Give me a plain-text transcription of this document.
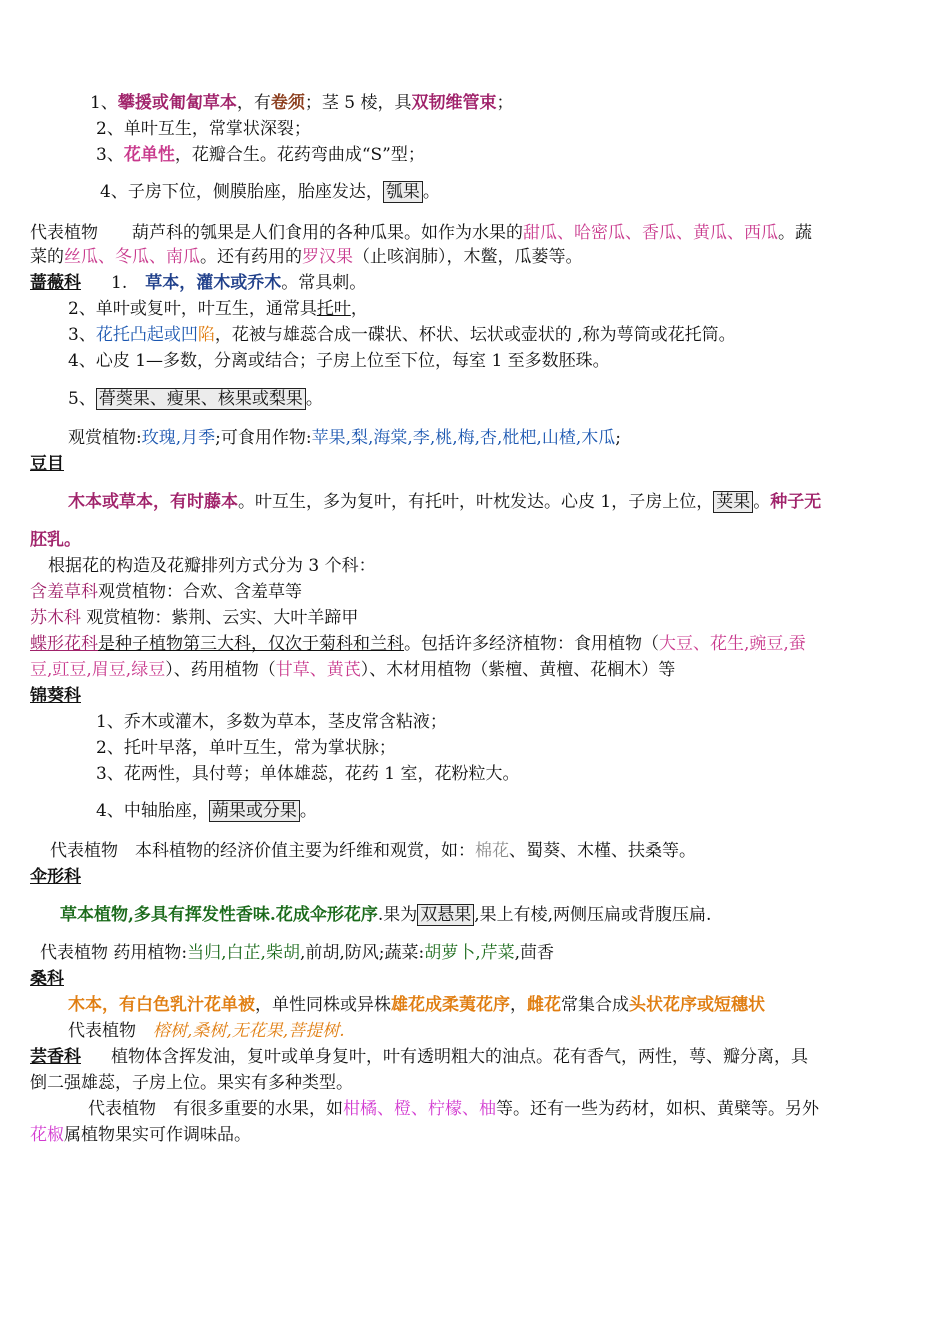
1、攀援或匍匐草本，有卷须；茎 5 棱，具双韧维管束；
2、单叶互生，常掌状深裂；
3、花单性，花瓣合生。花药弯曲成“S”型；
4、子房下位，侧膜胎座，胎座发达， 瓠果 。
代表植物　　葫芦科的瓠果是人们食用的各种瓜果。如作为水果的甜瓜、哈密瓜、香瓜、黄瓜、西瓜。蔬
菜的丝瓜、冬瓜、南瓜。还有药用的罗汉果（止咳润肺），木鳖，瓜蒌等。
蔷薇科 1. 草本，灌木或乔木。常具刺。
2、单叶或复叶，叶互生，通常具托叶，
3、花托凸起或凹陷，花被与雄蕊合成一碟状、杯状、坛状或壶状的 ,称为萼筒或花托筒。
4、心皮 1—多数，分离或结合；子房上位至下位，每室 1 至多数胚珠。
5、 蓇葖果、瘦果、核果或梨果 。
观赏植物:玫瑰,月季;可食用作物:苹果,梨,海棠,李,桃,梅,杏,枇杷,山楂,木瓜;
豆目
木本或草本，有时藤本。叶互生，多为复叶，有托叶，叶枕发达。心皮 1，子房上位， 荚果 。种子无
胚乳。
根据花的构造及花瓣排列方式分为 3 个科：
含羞草科观赏植物：合欢、含羞草等
苏木科 观赏植物：紫荆、云实、大叶羊蹄甲
蝶形花科是种子植物第三大科，仅次于菊科和兰科。包括许多经济植物：食用植物（大豆、花生,豌豆,蚕
豆,豇豆,眉豆,绿豆）、药用植物（甘草、黄芪）、木材用植物（紫檀、黄檀、花榈木）等
锦葵科
1、乔木或灌木，多数为草本，茎皮常含粘液；
2、托叶早落，单叶互生，常为掌状脉；
3、花两性，具付萼；单体雄蕊，花药 1 室，花粉粒大。
4、中轴胎座， 蒴果或分果 。
代表植物　本科植物的经济价值主要为纤维和观赏，如：棉花、蜀葵、木槿、扶桑等。
伞形科
草本植物,多具有挥发性香味.花成伞形花序.果为 双悬果 ,果上有棱,两侧压扁或背腹压扁.
代表植物 药用植物:当归,白芷,柴胡,前胡,防风;蔬菜:胡萝卜,芹菜,茴香
桑科
木本，有白色乳汁花单被，单性同株或异株雄花成柔荑花序，雌花常集合成头状花序或短穗状
代表植物　榕树,桑树,无花果,菩提树.
芸香科 植物体含挥发油，复叶或单身复叶，叶有透明粗大的油点。花有香气，两性，萼、瓣分离，具
倒二强雄蕊，子房上位。果实有多种类型。
代表植物　有很多重要的水果，如柑橘、橙、柠檬、柚等。还有一些为药材，如枳、黄檗等。另外
花椒属植物果实可作调味品。
